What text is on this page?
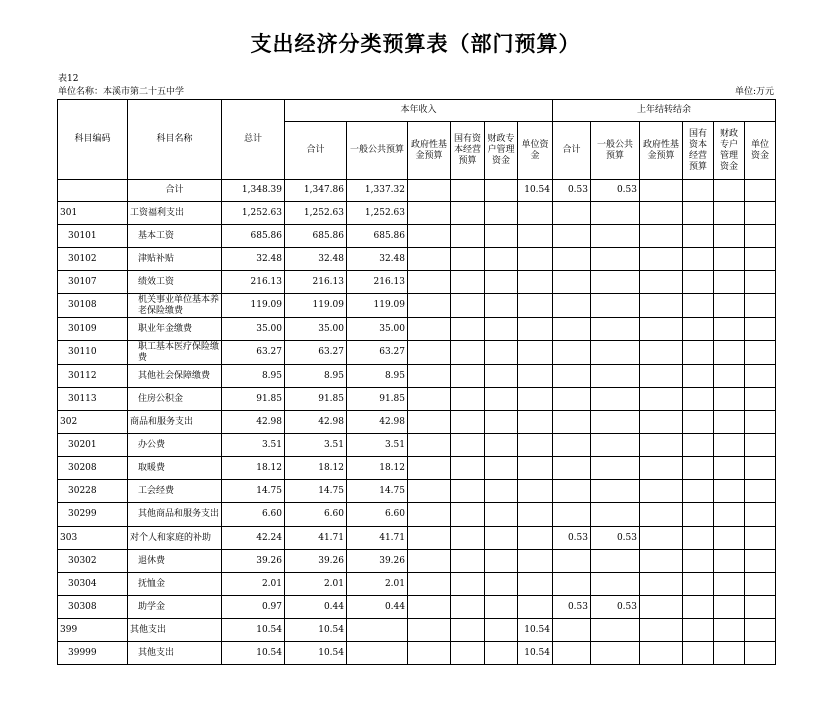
支出经济分类预算表（部门预算）
表12
单位名称：本溪市第二十五中学	单位:万元
科目编码	科目名称	总计	本年收入						上年结转结余					
			合计	一般公共预算	政府性基金预算	国有资本经营预算	财政专户管理资金	单位资金	合计	一般公共预算	政府性基金预算	国有资本经营预算	财政专户管理资金	单位资金
	合计	1,348.39	1,347.86	1,337.32				10.54	0.53	0.53				
301	工资福利支出	1,252.63	1,252.63	1,252.63										
30101	基本工资	685.86	685.86	685.86										
30102	津贴补贴	32.48	32.48	32.48										
30107	绩效工资	216.13	216.13	216.13										
30108	机关事业单位基本养老保险缴费	119.09	119.09	119.09										
30109	职业年金缴费	35.00	35.00	35.00										
30110	职工基本医疗保险缴费	63.27	63.27	63.27										
30112	其他社会保障缴费	8.95	8.95	8.95										
30113	住房公积金	91.85	91.85	91.85										
302	商品和服务支出	42.98	42.98	42.98										
30201	办公费	3.51	3.51	3.51										
30208	取暖费	18.12	18.12	18.12										
30228	工会经费	14.75	14.75	14.75										
30299	其他商品和服务支出	6.60	6.60	6.60										
303	对个人和家庭的补助	42.24	41.71	41.71					0.53	0.53				
30302	退休费	39.26	39.26	39.26										
30304	抚恤金	2.01	2.01	2.01										
30308	助学金	0.97	0.44	0.44					0.53	0.53				
399	其他支出	10.54	10.54					10.54						
39999	其他支出	10.54	10.54					10.54						
